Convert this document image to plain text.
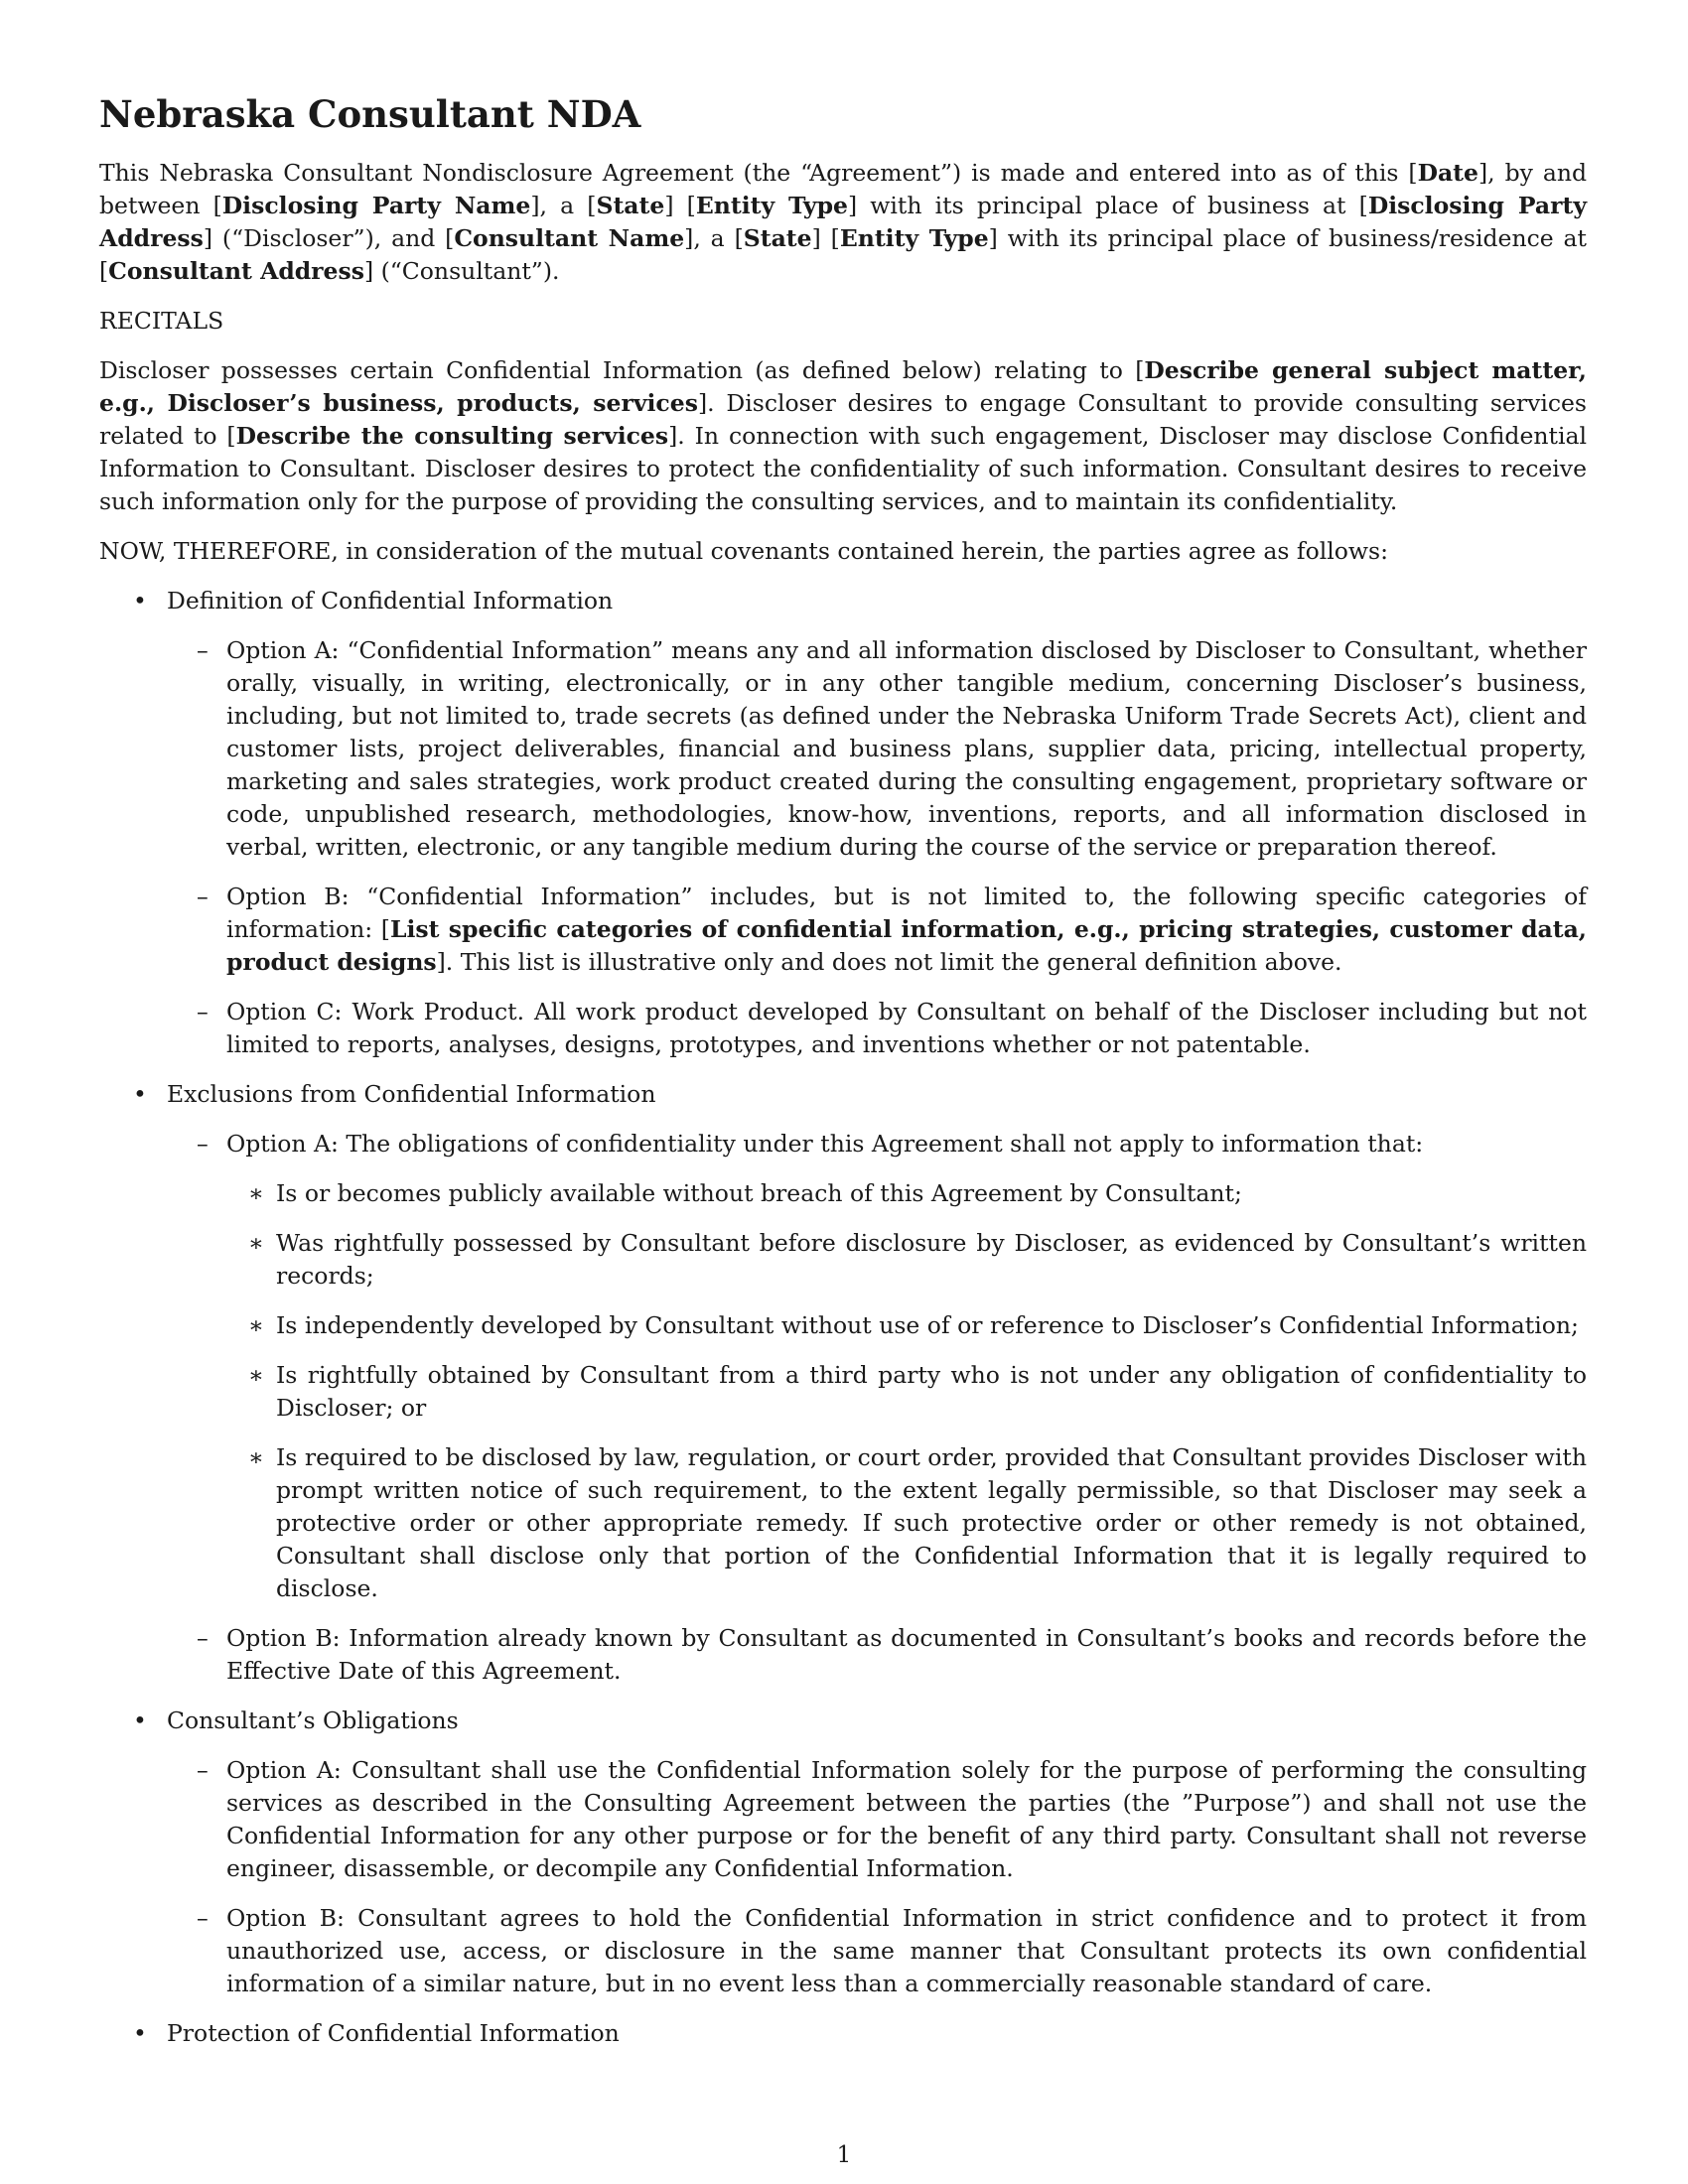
Nebraska Consultant NDA

This Nebraska Consultant Nondisclosure Agreement (the “Agreement”) is made and entered into as of this [Date], by and between [Disclosing Party Name], a [State] [Entity Type] with its principal place of business at [Disclosing Party Address] (“Discloser”), and [Consultant Name], a [State] [Entity Type] with its principal place of business/residence at [Consultant Address] (“Consultant”).

RECITALS

Discloser possesses certain Confidential Information (as defined below) relating to [Describe general subject matter, e.g., Discloser’s business, products, services]. Discloser desires to engage Consultant to provide consulting services related to [Describe the consulting services]. In connection with such engagement, Discloser may disclose Confidential Information to Consultant. Discloser desires to protect the confidentiality of such information. Consultant desires to receive such information only for the purpose of providing the consulting services, and to maintain its confidentiality.

NOW, THEREFORE, in consideration of the mutual covenants contained herein, the parties agree as follows:

• Definition of Confidential Information
– Option A: “Confidential Information” means any and all information disclosed by Discloser to Consultant, whether orally, visually, in writing, electronically, or in any other tangible medium, concerning Discloser’s business, including, but not limited to, trade secrets (as defined under the Nebraska Uniform Trade Secrets Act), client and customer lists, project deliverables, financial and business plans, supplier data, pricing, intellectual property, marketing and sales strategies, work product created during the consulting engagement, proprietary software or code, unpublished research, methodologies, know-how, inventions, reports, and all information disclosed in verbal, written, electronic, or any tangible medium during the course of the service or preparation thereof.
– Option B: “Confidential Information” includes, but is not limited to, the following specific categories of information: [List specific categories of confidential information, e.g., pricing strategies, customer data, product designs]. This list is illustrative only and does not limit the general definition above.
– Option C: Work Product. All work product developed by Consultant on behalf of the Discloser including but not limited to reports, analyses, designs, prototypes, and inventions whether or not patentable.
• Exclusions from Confidential Information
– Option A: The obligations of confidentiality under this Agreement shall not apply to information that:
∗ Is or becomes publicly available without breach of this Agreement by Consultant;
∗ Was rightfully possessed by Consultant before disclosure by Discloser, as evidenced by Consultant’s written records;
∗ Is independently developed by Consultant without use of or reference to Discloser’s Confidential Information;
∗ Is rightfully obtained by Consultant from a third party who is not under any obligation of confidentiality to Discloser; or
∗ Is required to be disclosed by law, regulation, or court order, provided that Consultant provides Discloser with prompt written notice of such requirement, to the extent legally permissible, so that Discloser may seek a protective order or other appropriate remedy. If such protective order or other remedy is not obtained, Consultant shall disclose only that portion of the Confidential Information that it is legally required to disclose.
– Option B: Information already known by Consultant as documented in Consultant’s books and records before the Effective Date of this Agreement.
• Consultant’s Obligations
– Option A: Consultant shall use the Confidential Information solely for the purpose of performing the consulting services as described in the Consulting Agreement between the parties (the ”Purpose”) and shall not use the Confidential Information for any other purpose or for the benefit of any third party. Consultant shall not reverse engineer, disassemble, or decompile any Confidential Information.
– Option B: Consultant agrees to hold the Confidential Information in strict confidence and to protect it from unauthorized use, access, or disclosure in the same manner that Consultant protects its own confidential information of a similar nature, but in no event less than a commercially reasonable standard of care.
• Protection of Confidential Information
1
